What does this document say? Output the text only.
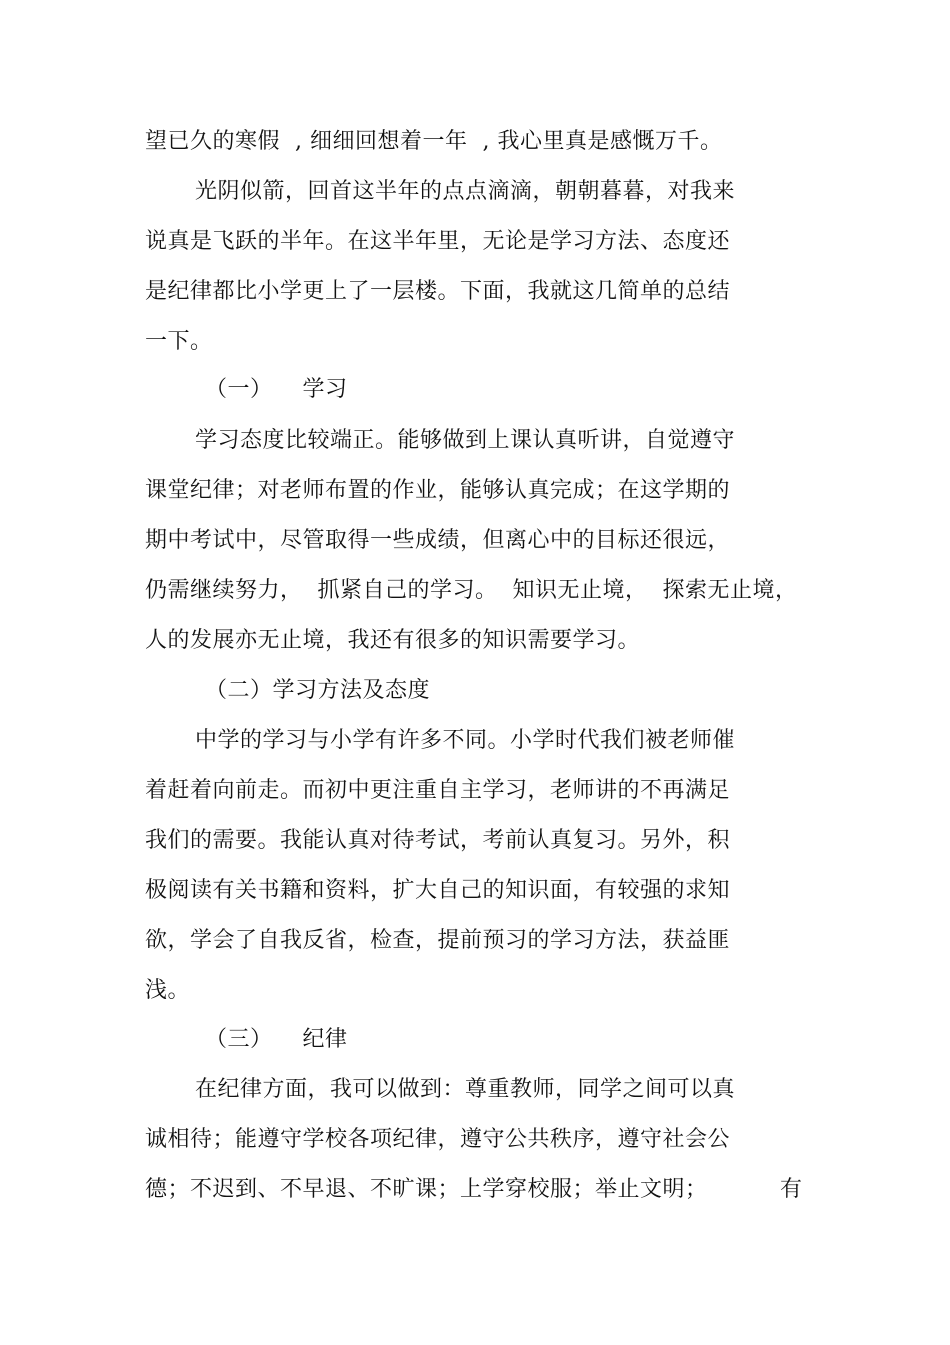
望已久的寒假  , 细细回想着一年  , 我心里真是感慨万千。
光阴似箭，回首这半年的点点滴滴，朝朝暮暮，对我来
说真是飞跃的半年。在这半年里，无论是学习方法、态度还
是纪律都比小学更上了一层楼。下面，我就这几简单的总结
一下。
（一）    学习
学习态度比较端正。能够做到上课认真听讲，自觉遵守
课堂纪律；对老师布置的作业，能够认真完成；在这学期的
期中考试中，尽管取得一些成绩，但离心中的目标还很远，
仍需继续努力，  抓紧自己的学习。  知识无止境，  探索无止境，
人的发展亦无止境，我还有很多的知识需要学习。
（二）学习方法及态度
中学的学习与小学有许多不同。小学时代我们被老师催
着赶着向前走。而初中更注重自主学习，老师讲的不再满足
我们的需要。我能认真对待考试，考前认真复习。另外，积
极阅读有关书籍和资料，扩大自己的知识面，有较强的求知
欲，学会了自我反省，检查，提前预习的学习方法，获益匪
浅。
（三）    纪律
在纪律方面，我可以做到：尊重教师，同学之间可以真
诚相待；能遵守学校各项纪律，遵守公共秩序，遵守社会公
德；不迟到、不早退、不旷课；上学穿校服；举止文明；	有
